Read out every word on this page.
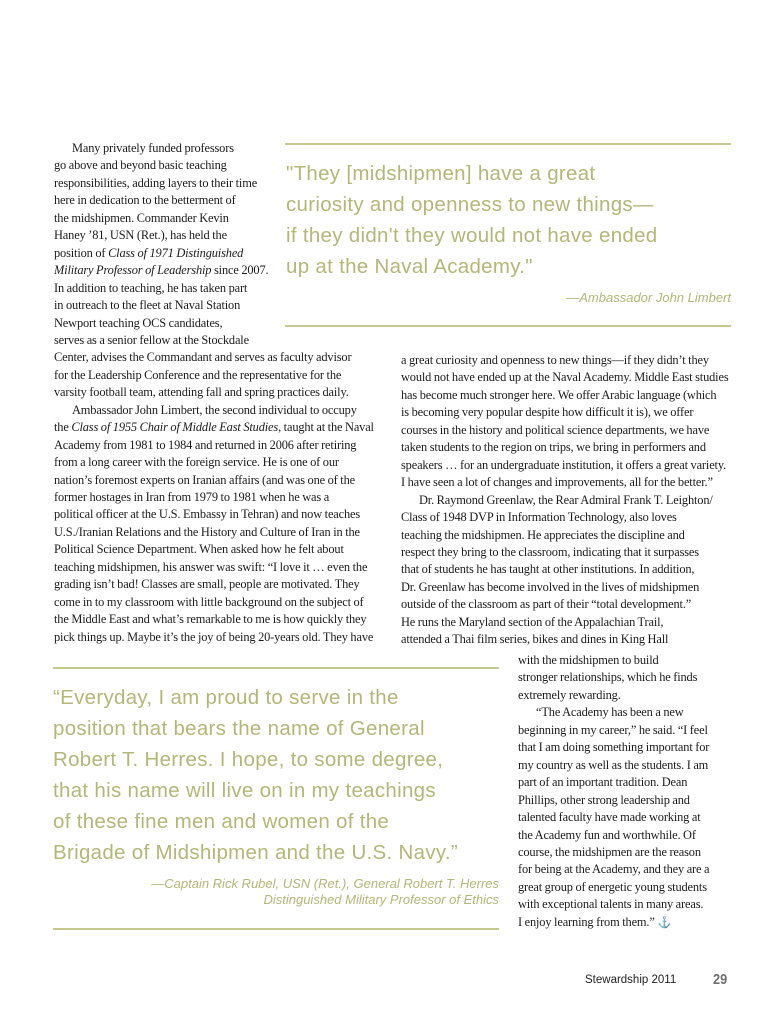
"They [midshipmen] have a great
curiosity and openness to new things—
if they didn't they would not have ended
up at the Naval Academy."
—Ambassador John Limbert
Many privately funded professors
go above and beyond basic teaching
responsibilities, adding layers to their time
here in dedication to the betterment of
the midshipmen. Commander Kevin
Haney ’81, USN (Ret.), has held the
position of Class of 1971 Distinguished
Military Professor of Leadership since 2007.
In addition to teaching, he has taken part
in outreach to the fleet at Naval Station
Newport teaching OCS candidates,
serves as a senior fellow at the Stockdale
Center, advises the Commandant and serves as faculty advisor
for the Leadership Conference and the representative for the
varsity football team, attending fall and spring practices daily.
Ambassador John Limbert, the second individual to occupy
the Class of 1955 Chair of Middle East Studies, taught at the Naval
Academy from 1981 to 1984 and returned in 2006 after retiring
from a long career with the foreign service. He is one of our
nation’s foremost experts on Iranian affairs (and was one of the
former hostages in Iran from 1979 to 1981 when he was a
political officer at the U.S. Embassy in Tehran) and now teaches
U.S./Iranian Relations and the History and Culture of Iran in the
Political Science Department. When asked how he felt about
teaching midshipmen, his answer was swift: “I love it … even the
grading isn’t bad! Classes are small, people are motivated. They
come in to my classroom with little background on the subject of
the Middle East and what’s remarkable to me is how quickly they
pick things up. Maybe it’s the joy of being 20-years old. They have
a great curiosity and openness to new things—if they didn’t they
would not have ended up at the Naval Academy. Middle East studies
has become much stronger here. We offer Arabic language (which
is becoming very popular despite how difficult it is), we offer
courses in the history and political science departments, we have
taken students to the region on trips, we bring in performers and
speakers … for an undergraduate institution, it offers a great variety.
I have seen a lot of changes and improvements, all for the better.”
Dr. Raymond Greenlaw, the Rear Admiral Frank T. Leighton/
Class of 1948 DVP in Information Technology, also loves
teaching the midshipmen. He appreciates the discipline and
respect they bring to the classroom, indicating that it surpasses
that of students he has taught at other institutions. In addition,
Dr. Greenlaw has become involved in the lives of midshipmen
outside of the classroom as part of their “total development.”
He runs the Maryland section of the Appalachian Trail,
attended a Thai film series, bikes and dines in King Hall
with the midshipmen to build
stronger relationships, which he finds
extremely rewarding.
“The Academy has been a new
beginning in my career,” he said. “I feel
that I am doing something important for
my country as well as the students. I am
part of an important tradition. Dean
Phillips, other strong leadership and
talented faculty have made working at
the Academy fun and worthwhile. Of
course, the midshipmen are the reason
for being at the Academy, and they are a
great group of energetic young students
with exceptional talents in many areas.
I enjoy learning from them.” ⚓
“Everyday, I am proud to serve in the
position that bears the name of General
Robert T. Herres. I hope, to some degree,
that his name will live on in my teachings
of these fine men and women of the
Brigade of Midshipmen and the U.S. Navy.”
—Captain Rick Rubel, USN (Ret.), General Robert T. Herres
Distinguished Military Professor of Ethics
Stewardship 2011 29
